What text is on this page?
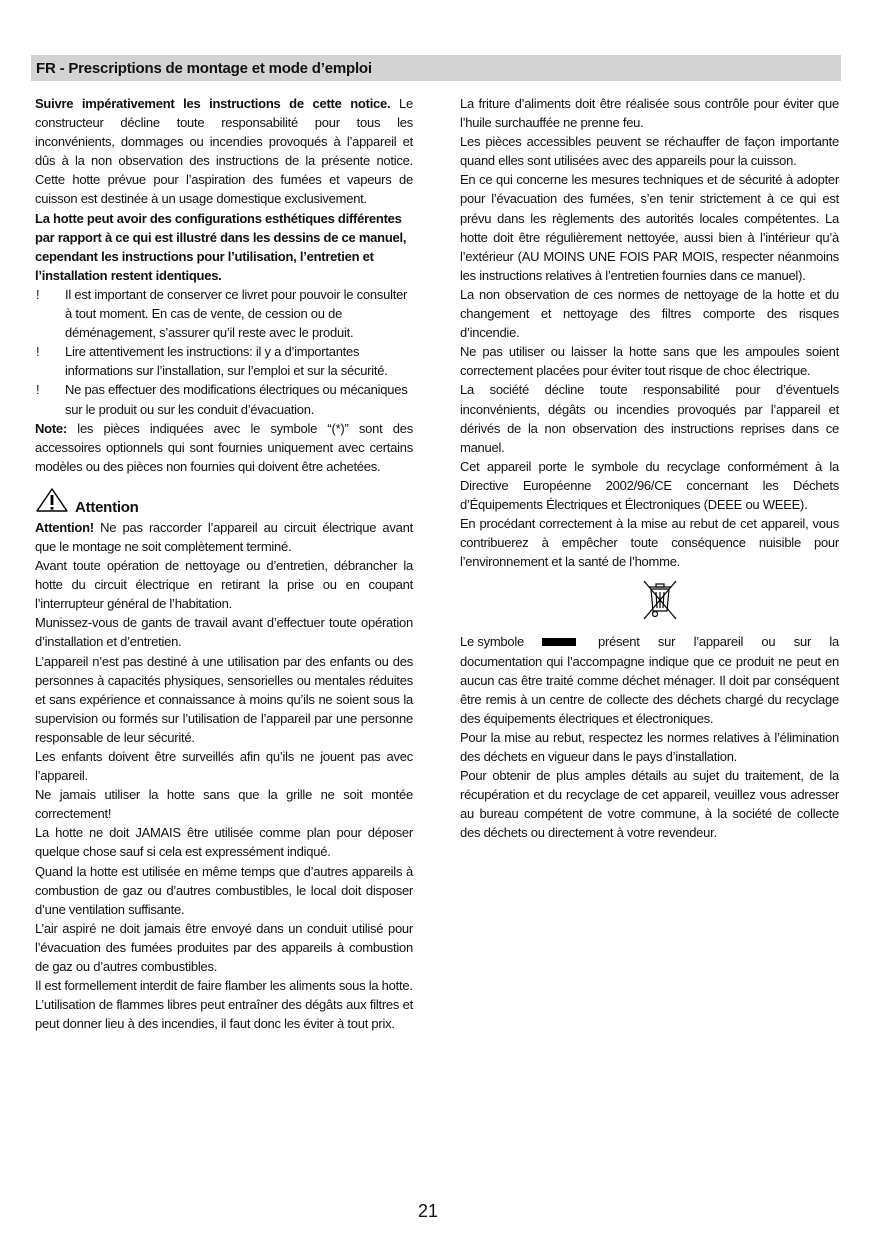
FR - Prescriptions de montage et mode d’emploi

Suivre impérativement les instructions de cette notice. Le constructeur décline toute responsabilité pour tous les inconvénients, dommages ou incendies provoqués à l’appareil et dûs à la non observation des instructions de la présente notice. Cette hotte prévue pour l’aspiration des fumées et vapeurs de cuisson est destinée à un usage domestique exclusivement.

La hotte peut avoir des configurations esthétiques différentes par rapport à ce qui est illustré dans les dessins de ce manuel, cependant les instructions pour l’utilisation, l’entretien et l’installation restent identiques.

!	Il est important de conserver ce livret pour pouvoir le consulter à tout moment. En cas de vente, de cession ou de déménagement, s’assurer qu’il reste avec le produit.
!	Lire attentivement les instructions: il y a d’importantes informations sur l’installation, sur l’emploi et sur la sécurité.
!	Ne pas effectuer des modifications électriques ou mécaniques sur le produit ou sur les conduit d’évacuation.

Note: les pièces indiquées avec le symbole “(*)” sont des accessoires optionnels qui sont fournies uniquement avec certains modèles ou des pièces non fournies qui doivent être achetées.

Attention

Attention! Ne pas raccorder l’appareil au circuit électrique avant que le montage ne soit complètement terminé.

Avant toute opération de nettoyage ou d’entretien, débrancher la hotte du circuit électrique en retirant la prise ou en coupant l’interrupteur général de l’habitation.

Munissez-vous de gants de travail avant d’effectuer toute opération d’installation et d’entretien.

L’appareil n’est pas destiné à une utilisation par des enfants ou des personnes à capacités physiques, sensorielles ou mentales réduites et sans expérience et connaissance à moins qu’ils ne soient sous la supervision ou formés sur l’utilisation de l’appareil par une personne responsable de leur sécurité.

Les enfants doivent être surveillés afin qu’ils ne jouent pas avec l’appareil.

Ne jamais utiliser la hotte sans que la grille ne soit montée correctement!

La hotte ne doit JAMAIS être utilisée comme plan pour déposer quelque chose sauf si cela est expressément indiqué.

Quand la hotte est utilisée en même temps que d’autres appareils à combustion de gaz ou d’autres combustibles, le local doit disposer d’une ventilation suffisante.

L’air aspiré ne doit jamais être envoyé dans un conduit utilisé pour l’évacuation des fumées produites par des appareils à combustion de gaz ou d’autres combustibles.

Il est formellement interdit de faire flamber les aliments sous la hotte.

L’utilisation de flammes libres peut entraîner des dégâts aux filtres et peut donner lieu à des incendies, il faut donc les éviter à tout prix.

La friture d’aliments doit être réalisée sous contrôle pour éviter que l’huile surchauffée ne prenne feu.

Les pièces accessibles peuvent se réchauffer de façon importante quand elles sont utilisées avec des appareils pour la cuisson.

En ce qui concerne les mesures techniques et de sécurité à adopter pour l’évacuation des fumées, s’en tenir strictement à ce qui est prévu dans les règlements des autorités locales compétentes. La hotte doit être régulièrement nettoyée, aussi bien à l’intérieur qu’à l’extérieur (AU MOINS UNE FOIS PAR MOIS, respecter néanmoins les instructions relatives à l’entretien fournies dans ce manuel).

La non observation de ces normes de nettoyage de la hotte et du changement et nettoyage des filtres comporte des risques d’incendie.

Ne pas utiliser ou laisser la hotte sans que les ampoules soient correctement placées pour éviter tout risque de choc électrique.

La société décline toute responsabilité pour d’éventuels inconvénients, dégâts ou incendies provoqués par l’appareil et dérivés de la non observation des instructions reprises dans ce manuel.

Cet appareil porte le symbole du recyclage conformément à la Directive Européenne 2002/96/CE concernant les Déchets d’Équipements Électriques et Électroniques (DEEE ou WEEE).

En procédant correctement à la mise au rebut de cet appareil, vous contribuerez à empêcher toute conséquence nuisible pour l’environnement et la santé de l’homme.

Le symbole	présent sur l’appareil ou sur la

documentation qui l’accompagne indique que ce produit ne peut en aucun cas être traité comme déchet ménager. Il doit par conséquent être remis à un centre de collecte des déchets chargé du recyclage des équipements électriques et électroniques.

Pour la mise au rebut, respectez les normes relatives à l’élimination des déchets en vigueur dans le pays d’installation.

Pour obtenir de plus amples détails au sujet du traitement, de la récupération et du recyclage de cet appareil, veuillez vous adresser au bureau compétent de votre commune, à la société de collecte des déchets ou directement à votre revendeur.

21
